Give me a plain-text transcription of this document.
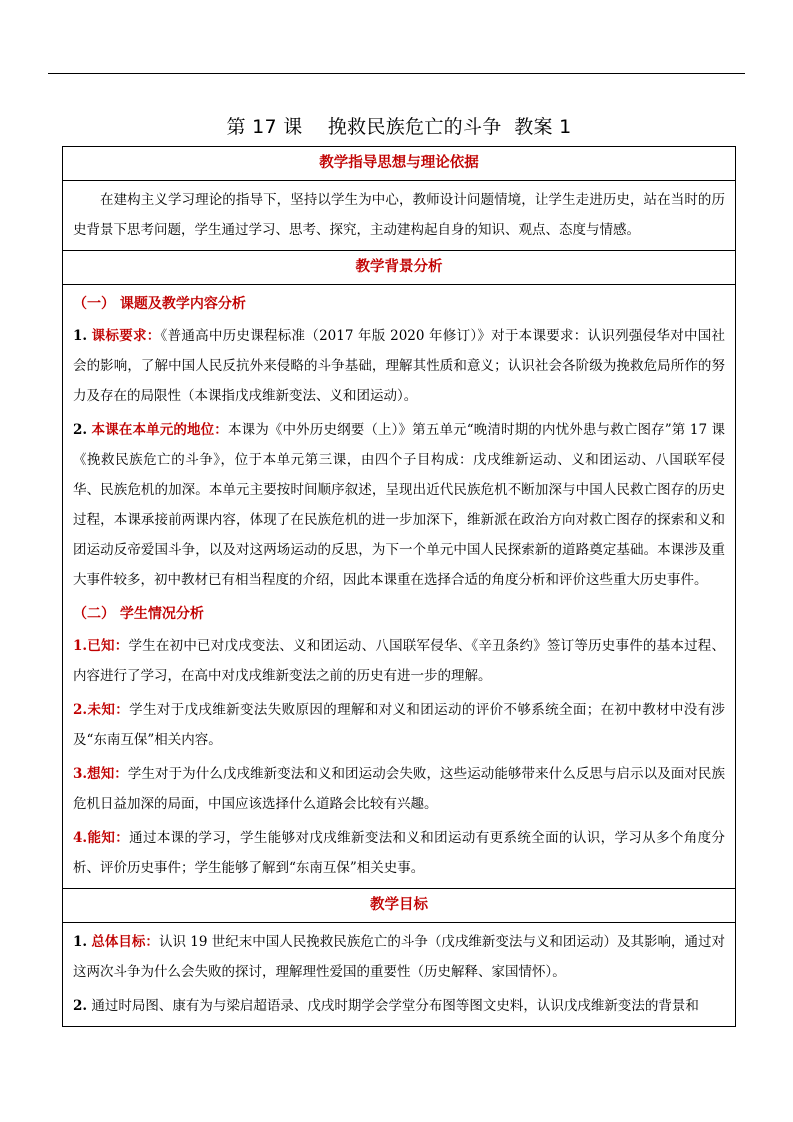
第 17 课    挽救民族危亡的斗争  教案 1
教学指导思想与理论依据

在建构主义学习理论的指导下，坚持以学生为中心，教师设计问题情境，让学生走进历史，站在当时的历史背景下思考问题，学生通过学习、思考、探究，主动建构起自身的知识、观点、态度与情感。

教学背景分析

（一） 课题及教学内容分析

1. 课标要求：《普通高中历史课程标准（2017 年版 2020 年修订）》对于本课要求：认识列强侵华对中国社会的影响，了解中国人民反抗外来侵略的斗争基础，理解其性质和意义；认识社会各阶级为挽救危局所作的努力及存在的局限性（本课指戊戌维新变法、义和团运动）。

2. 本课在本单元的地位：本课为《中外历史纲要（上）》第五单元“晚清时期的内忧外患与救亡图存”第 17 课《挽救民族危亡的斗争》，位于本单元第三课，由四个子目构成：戊戌维新运动、义和团运动、八国联军侵华、民族危机的加深。本单元主要按时间顺序叙述，呈现出近代民族危机不断加深与中国人民救亡图存的历史过程，本课承接前两课内容，体现了在民族危机的进一步加深下，维新派在政治方向对救亡图存的探索和义和团运动反帝爱国斗争，以及对这两场运动的反思，为下一个单元中国人民探索新的道路奠定基础。本课涉及重大事件较多，初中教材已有相当程度的介绍，因此本课重在选择合适的角度分析和评价这些重大历史事件。

（二） 学生情况分析

1.已知：学生在初中已对戊戌变法、义和团运动、八国联军侵华、《辛丑条约》签订等历史事件的基本过程、内容进行了学习，在高中对戊戌维新变法之前的历史有进一步的理解。

2.未知：学生对于戊戌维新变法失败原因的理解和对义和团运动的评价不够系统全面；在初中教材中没有涉及“东南互保”相关内容。

3.想知：学生对于为什么戊戌维新变法和义和团运动会失败，这些运动能够带来什么反思与启示以及面对民族危机日益加深的局面，中国应该选择什么道路会比较有兴趣。

4.能知：通过本课的学习，学生能够对戊戌维新变法和义和团运动有更系统全面的认识，学习从多个角度分析、评价历史事件；学生能够了解到“东南互保”相关史事。

教学目标

1. 总体目标：认识 19 世纪末中国人民挽救民族危亡的斗争（戊戌维新变法与义和团运动）及其影响，通过对这两次斗争为什么会失败的探讨，理解理性爱国的重要性（历史解释、家国情怀）。

2. 通过时局图、康有为与梁启超语录、戊戌时期学会学堂分布图等图文史料，认识戊戌维新变法的背景和
